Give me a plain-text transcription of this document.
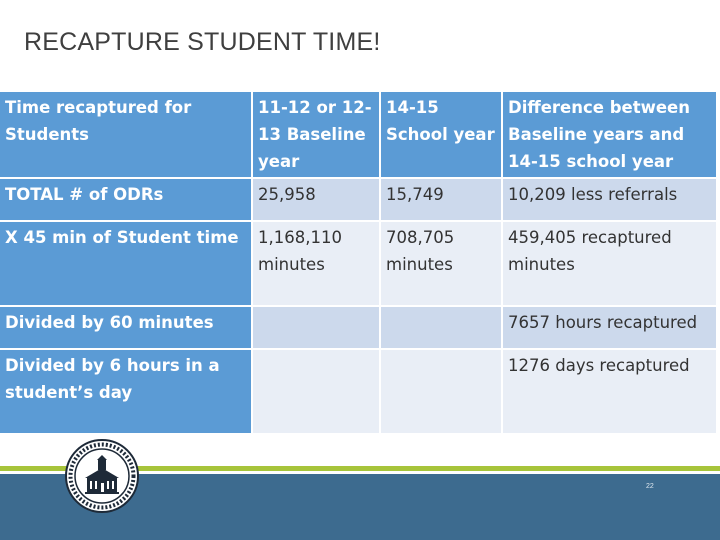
RECAPTURE STUDENT TIME!
Time recaptured for Students	11-12 or 12-13 Baseline year	14-15 School year	Difference between Baseline years and 14-15 school year
TOTAL # of ODRs	25,958	15,749	10,209 less referrals
X 45 min of Student time	1,168,110 minutes	708,705 minutes	459,405 recaptured minutes
Divided by 60 minutes			7657 hours recaptured
Divided by 6 hours in a student’s day			1276 days recaptured
22
